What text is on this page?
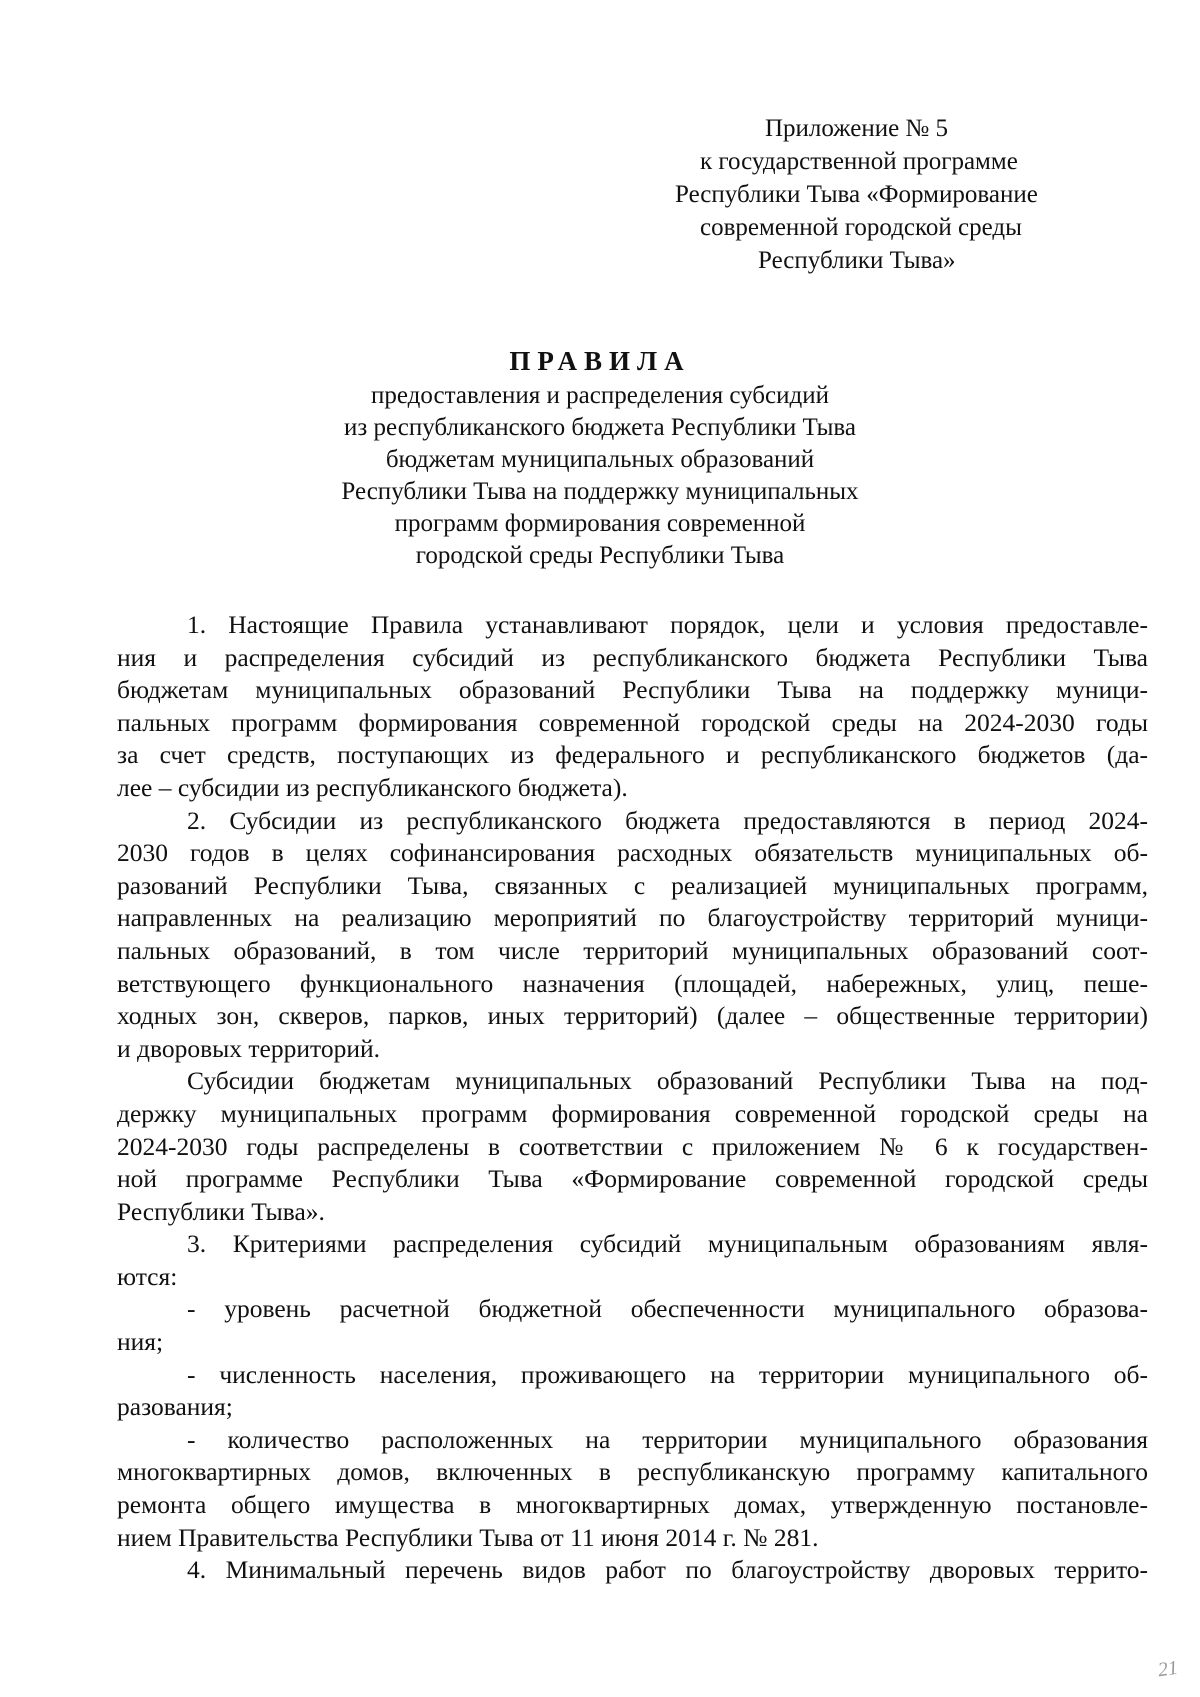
Приложение № 5
к государственной программе
Республики Тыва «Формирование
современной городской среды
Республики Тыва»
ПРАВИЛА
предоставления и распределения субсидий
из республиканского бюджета Республики Тыва
бюджетам муниципальных образований
Республики Тыва на поддержку муниципальных
программ формирования современной
городской среды Республики Тыва
1. Настоящие Правила устанавливают порядок, цели и условия предоставле-
ния и распределения субсидий из республиканского бюджета Республики Тыва
бюджетам муниципальных образований Республики Тыва на поддержку муници-
пальных программ формирования современной городской среды на 2024-2030 годы
за счет средств, поступающих из федерального и республиканского бюджетов (да-
лее – субсидии из республиканского бюджета).
2. Субсидии из республиканского бюджета предоставляются в период 2024-
2030 годов в целях софинансирования расходных обязательств муниципальных об-
разований Республики Тыва, связанных с реализацией муниципальных программ,
направленных на реализацию мероприятий по благоустройству территорий муници-
пальных образований, в том числе территорий муниципальных образований соот-
ветствующего функционального назначения (площадей, набережных, улиц, пеше-
ходных зон, скверов, парков, иных территорий) (далее – общественные территории)
и дворовых территорий.
Субсидии бюджетам муниципальных образований Республики Тыва на под-
держку муниципальных программ формирования современной городской среды на
2024-2030 годы распределены в соответствии с приложением № 6 к государствен-
ной программе Республики Тыва «Формирование современной городской среды
Республики Тыва».
3. Критериями распределения субсидий муниципальным образованиям явля-
ются:
- уровень расчетной бюджетной обеспеченности муниципального образова-
ния;
- численность населения, проживающего на территории муниципального об-
разования;
- количество расположенных на территории муниципального образования
многоквартирных домов, включенных в республиканскую программу капитального
ремонта общего имущества в многоквартирных домах, утвержденную постановле-
нием Правительства Республики Тыва от 11 июня 2014 г. № 281.
4. Минимальный перечень видов работ по благоустройству дворовых террито-
21
